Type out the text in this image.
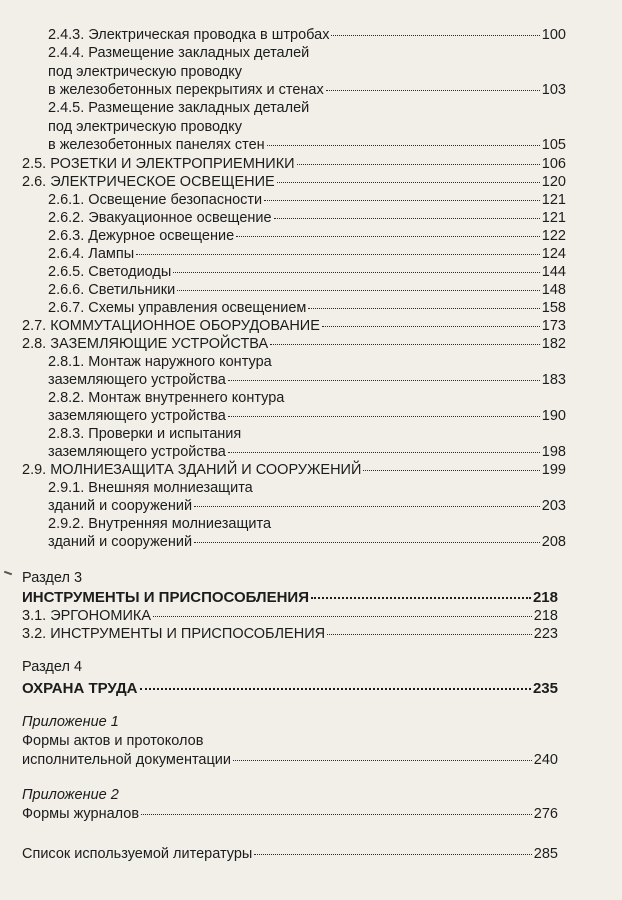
2.4.3. Электрическая проводка в штробах	100
2.4.4. Размещение закладных деталей
под электрическую проводку
в железобетонных перекрытиях и стенах	103
2.4.5. Размещение закладных деталей
под электрическую проводку
в железобетонных панелях стен	105
2.5. РОЗЕТКИ И ЭЛЕКТРОПРИЕМНИКИ	106
2.6. ЭЛЕКТРИЧЕСКОЕ ОСВЕЩЕНИЕ	120
2.6.1. Освещение безопасности	121
2.6.2. Эвакуационное освещение	121
2.6.3. Дежурное освещение	122
2.6.4. Лампы	124
2.6.5. Светодиоды	144
2.6.6. Светильники	148
2.6.7. Схемы управления освещением	158
2.7. КОММУТАЦИОННОЕ ОБОРУДОВАНИЕ	173
2.8. ЗАЗЕМЛЯЮЩИЕ УСТРОЙСТВА	182
2.8.1. Монтаж наружного контура
заземляющего устройства	183
2.8.2. Монтаж внутреннего контура
заземляющего устройства	190
2.8.3. Проверки и испытания
заземляющего устройства	198
2.9. МОЛНИЕЗАЩИТА ЗДАНИЙ И СООРУЖЕНИЙ	199
2.9.1. Внешняя молниезащита
зданий и сооружений	203
2.9.2. Внутренняя молниезащита
зданий и сооружений	208
Раздел 3
ИНСТРУМЕНТЫ И ПРИСПОСОБЛЕНИЯ	218
3.1. ЭРГОНОМИКА	218
3.2. ИНСТРУМЕНТЫ И ПРИСПОСОБЛЕНИЯ	223
Раздел 4
ОХРАНА ТРУДА	235
Приложение 1
Формы актов и протоколов
исполнительной документации	240
Приложение 2
Формы журналов	276
Список используемой литературы	285
